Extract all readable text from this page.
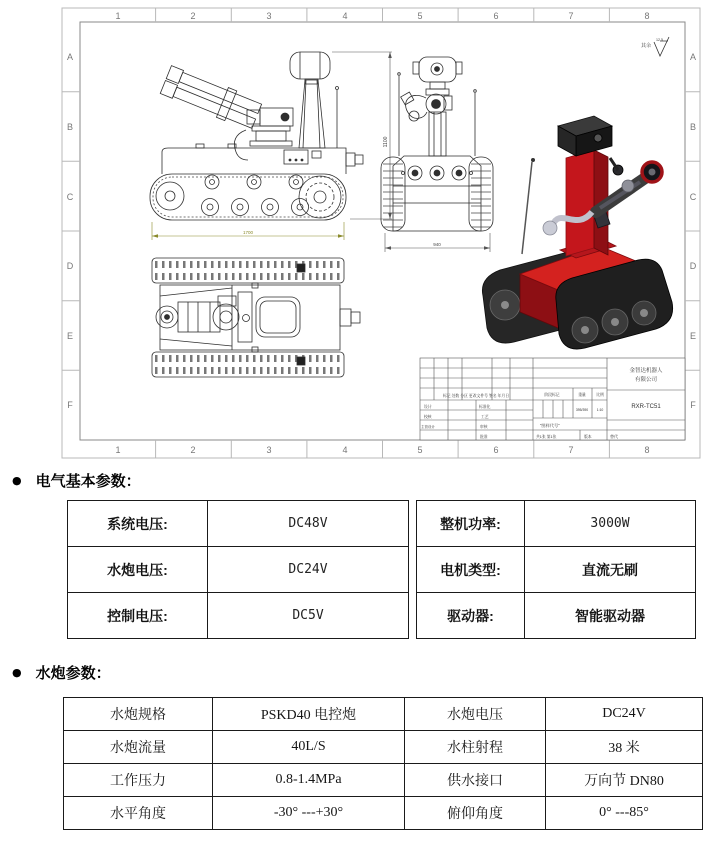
1	2	3	4	5	6	7	8
1	2	3	4	5	6	7	8
A
B
C
D
E
F
A
B
C
D
E
F
其余
12.5
1100
1700
940
标记 处数 分区 更改文件号 签名 年月日
设计
校核
主管设计
标准化
工艺
审核
批准
阶段标记	重量	比例
395/390	1:10
“图样代号”
共1张 第1张	版本	替代
金智达机器人
有限公司
RXR-TC51
● 电气基本参数：
系统电压:	DC48V
水炮电压:	DC24V
控制电压:	DC5V
整机功率:	3000W
电机类型:	直流无刷
驱动器:	智能驱动器
● 水炮参数：
水炮规格	PSKD40 电控炮	水炮电压	DC24V
水炮流量	40L/S	水柱射程	38 米
工作压力	0.8-1.4MPa	供水接口	万向节 DN80
水平角度	-30° ---+30°	俯仰角度	0° ---85°
